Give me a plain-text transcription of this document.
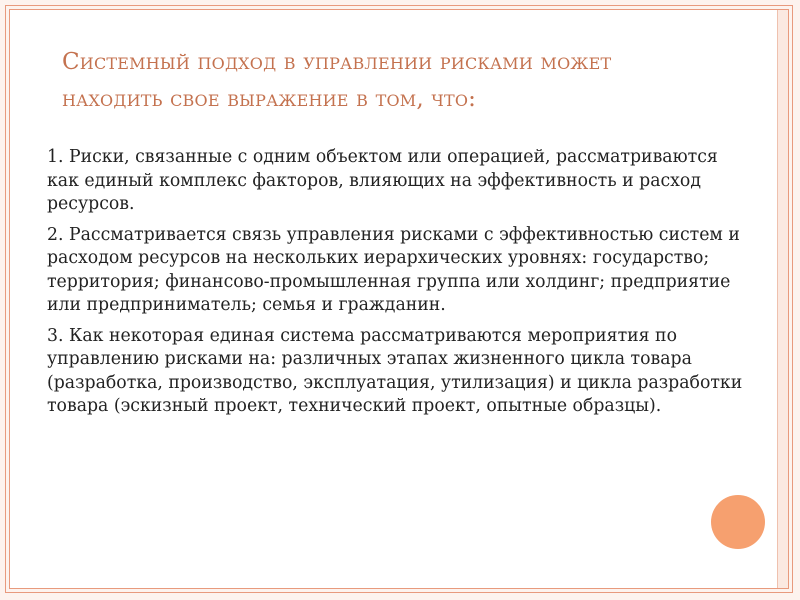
Системный подход в управлении рисками может
находить свое выражение в том, что:

1. Риски, связанные с одним объектом или операцией, рассматриваются как единый комплекс факторов, влияющих на эффективность и расход ресурсов.

2. Рассматривается связь управления рисками с эффективностью систем и расходом ресурсов на нескольких иерархических уровнях: государство; территория; финансово-промышленная группа или холдинг; предприятие или предприниматель; семья и гражданин.

3. Как некоторая единая система рассматриваются мероприятия по управлению рисками на: различных этапах жизненного цикла товара (разработка, производство, эксплуатация, утилизация) и цикла разработки товара (эскизный проект, технический проект, опытные образцы).
